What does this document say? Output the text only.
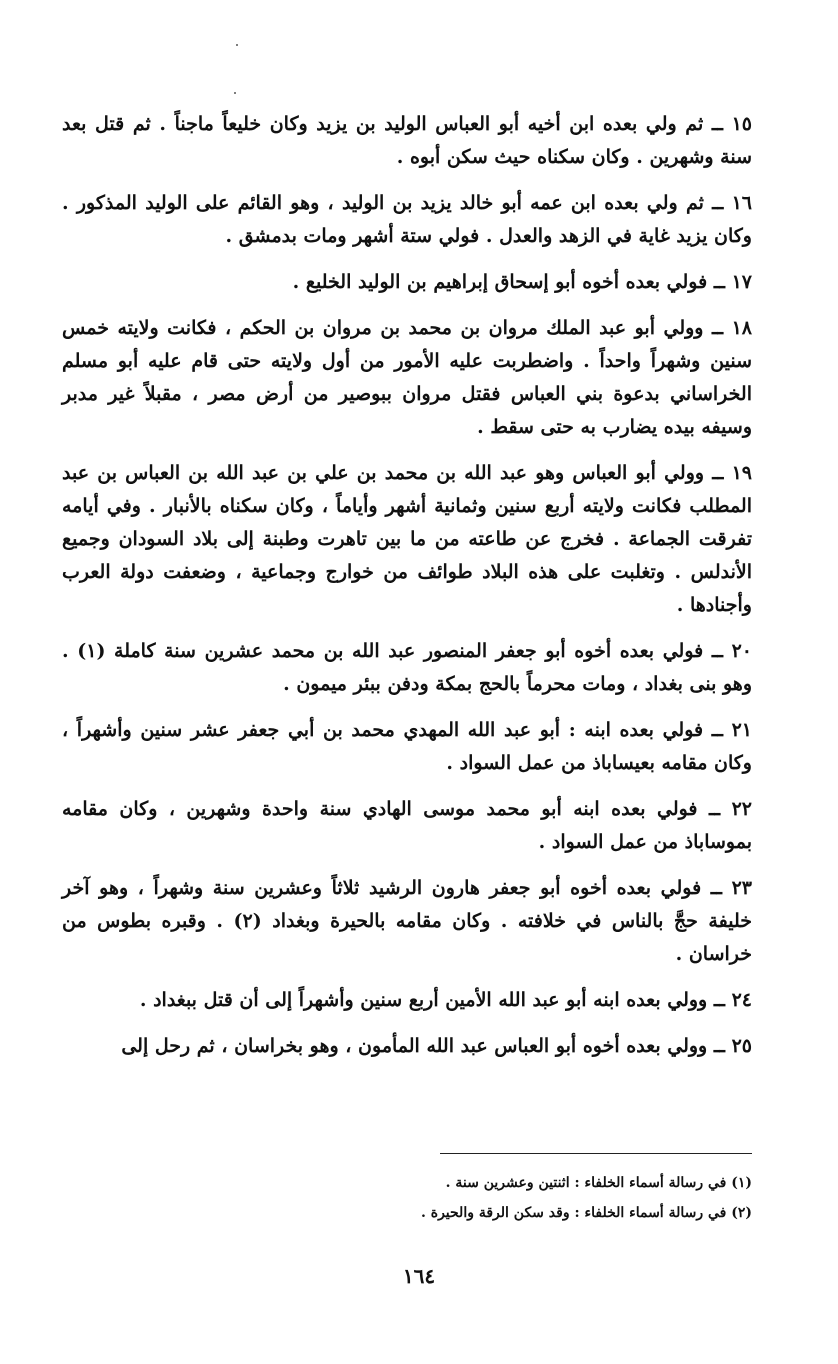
١٥ ــ ثم ولي بعده ابن أخيه أبو العباس الوليد بن يزيد وكان خليعاً ماجناً . ثم قتل بعد سنة وشهرين . وكان سكناه حيث سكن أبوه .

١٦ ــ ثم ولي بعده ابن عمه أبو خالد يزيد بن الوليد ، وهو القائم على الوليد المذكور . وكان يزيد غاية في الزهد والعدل . فولي ستة أشهر ومات بدمشق .

١٧ ــ فولي بعده أخوه أبو إسحاق إبراهيم بن الوليد الخليع .

١٨ ــ وولي أبو عبد الملك مروان بن محمد بن مروان بن الحكم ، فكانت ولايته خمس سنين وشهراً واحداً . واضطربت عليه الأمور من أول ولايته حتى قام عليه أبو مسلم الخراساني بدعوة بني العباس فقتل مروان ببوصير من أرض مصر ، مقبلاً غير مدبر وسيفه بيده يضارب به حتى سقط .

١٩ ــ وولي أبو العباس وهو عبد الله بن محمد بن علي بن عبد الله بن العباس بن عبد المطلب فكانت ولايته أربع سنين وثمانية أشهر وأياماً ، وكان سكناه بالأنبار . وفي أيامه تفرقت الجماعة . فخرج عن طاعته من ما بين تاهرت وطبنة إلى بلاد السودان وجميع الأندلس . وتغلبت على هذه البلاد طوائف من خوارج وجماعية ، وضعفت دولة العرب وأجنادها .

٢٠ ــ فولي بعده أخوه أبو جعفر المنصور عبد الله بن محمد عشرين سنة كاملة (١) . وهو بنى بغداد ، ومات محرماً بالحج بمكة ودفن ببئر ميمون .

٢١ ــ فولي بعده ابنه : أبو عبد الله المهدي محمد بن أبي جعفر عشر سنين وأشهراً ، وكان مقامه بعيساباذ من عمل السواد .

٢٢ ــ فولي بعده ابنه أبو محمد موسى الهادي سنة واحدة وشهرين ، وكان مقامه بموساباذ من عمل السواد .

٢٣ ــ فولي بعده أخوه أبو جعفر هارون الرشيد ثلاثاً وعشرين سنة وشهراً ، وهو آخر خليفة حجَّ بالناس في خلافته . وكان مقامه بالحيرة وبغداد (٢) . وقبره بطوس من خراسان .

٢٤ ــ وولي بعده ابنه أبو عبد الله الأمين أربع سنين وأشهراً إلى أن قتل ببغداد .

٢٥ ــ وولي بعده أخوه أبو العباس عبد الله المأمون ، وهو بخراسان ، ثم رحل إلى

(١) في رسالة أسماء الخلفاء : اثنتين وعشرين سنة .

(٢) في رسالة أسماء الخلفاء : وقد سكن الرقة والحيرة .

١٦٤
